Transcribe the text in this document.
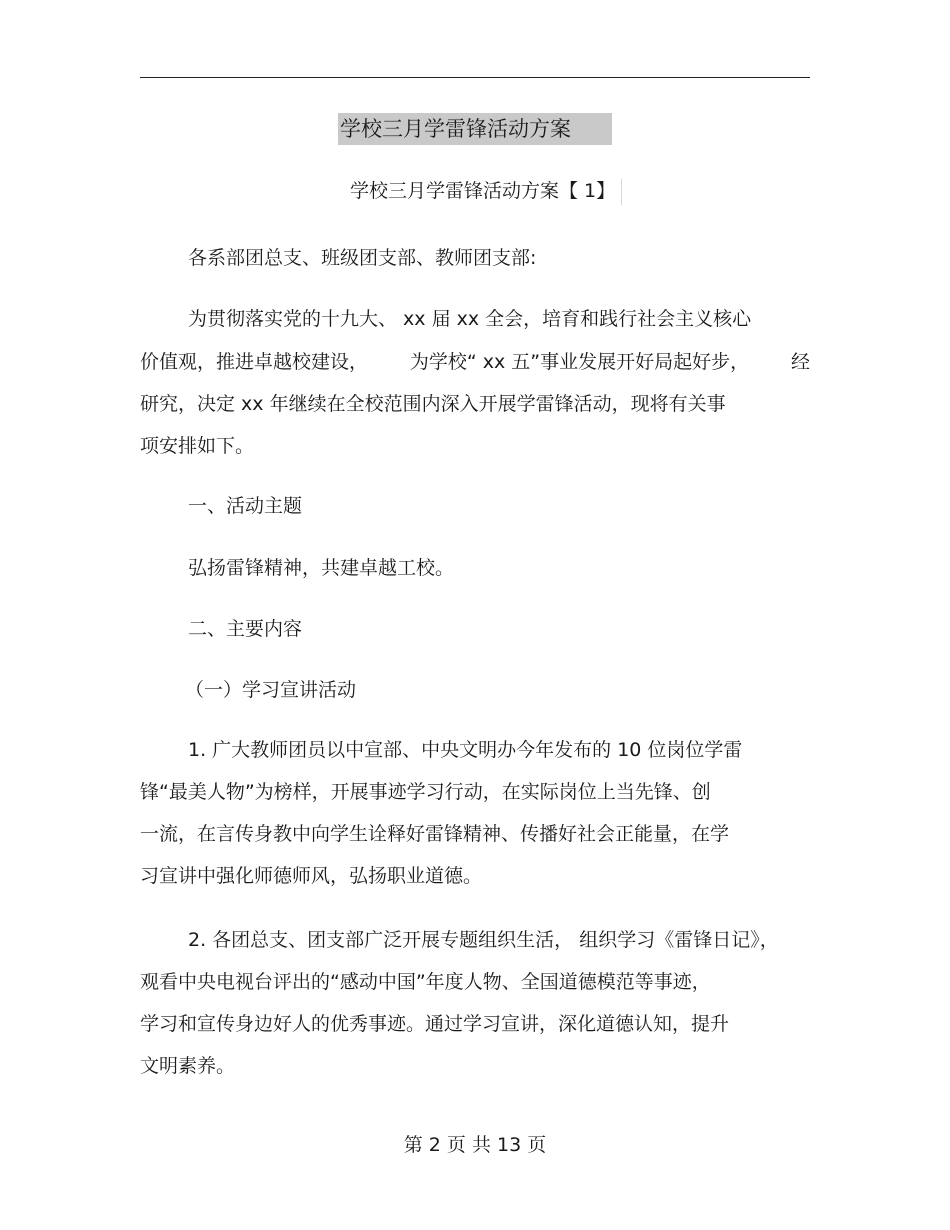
学校三月学雷锋活动方案
学校三月学雷锋活动方案【 1】
各系部团总支、班级团支部、教师团支部:
为贯彻落实党的十九大、 xx 届 xx 全会，培育和践行社会主义核心
价值观，推进卓越校建设， 为学校“ xx 五”事业发展开好局起好步， 经
研究，决定 xx 年继续在全校范围内深入开展学雷锋活动，现将有关事
项安排如下。
一、活动主题
弘扬雷锋精神，共建卓越工校。
二、主要内容
（一）学习宣讲活动
1. 广大教师团员以中宣部、中央文明办今年发布的 10 位岗位学雷
锋“最美人物”为榜样，开展事迹学习行动，在实际岗位上当先锋、创
一流，在言传身教中向学生诠释好雷锋精神、传播好社会正能量，在学
习宣讲中强化师德师风，弘扬职业道德。
2. 各团总支、团支部广泛开展专题组织生活， 组织学习《雷锋日记》，
观看中央电视台评出的“感动中国”年度人物、全国道德模范等事迹，
学习和宣传身边好人的优秀事迹。通过学习宣讲，深化道德认知，提升
文明素养。
第 2 页 共 13 页
